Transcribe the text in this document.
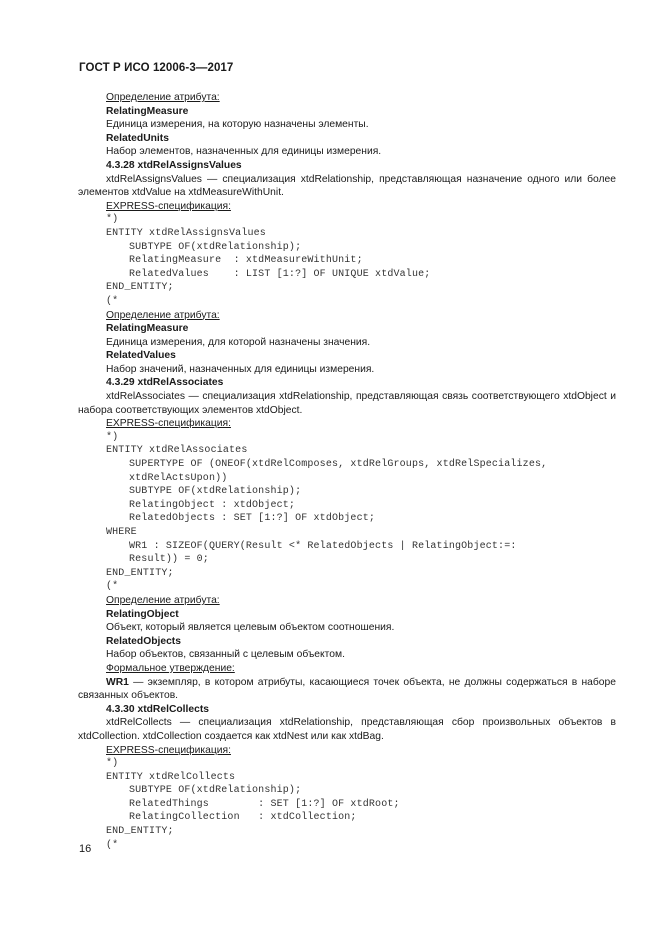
ГОСТ Р ИСО 12006-3—2017
Определение атрибута:
RelatingMeasure
Единица измерения, на которую назначены элементы.
RelatedUnits
Набор элементов, назначенных для единицы измерения.
4.3.28 xtdRelAssignsValues
xtdRelAssignsValues — специализация xtdRelationship, представляющая назначение одного или более элементов xtdValue на xtdMeasureWithUnit.
EXPRESS-спецификация:
*)
ENTITY xtdRelAssignsValues
SUBTYPE OF(xtdRelationship);
RelatingMeasure  : xtdMeasureWithUnit;
RelatedValues    : LIST [1:?] OF UNIQUE xtdValue;
END_ENTITY;
(*
Определение атрибута:
RelatingMeasure
Единица измерения, для которой назначены значения.
RelatedValues
Набор значений, назначенных для единицы измерения.
4.3.29 xtdRelAssociates
xtdRelAssociates — специализация xtdRelationship, представляющая связь соответствующего xtdObject и набора соответствующих элементов xtdObject.
EXPRESS-спецификация:
*)
ENTITY xtdRelAssociates
SUPERTYPE OF (ONEOF(xtdRelComposes, xtdRelGroups, xtdRelSpecializes,
xtdRelActsUpon))
SUBTYPE OF(xtdRelationship);
RelatingObject : xtdObject;
RelatedObjects : SET [1:?] OF xtdObject;
WHERE
WR1 : SIZEOF(QUERY(Result <* RelatedObjects | RelatingObject:=:
Result)) = 0;
END_ENTITY;
(*
Определение атрибута:
RelatingObject
Объект, который является целевым объектом соотношения.
RelatedObjects
Набор объектов, связанный с целевым объектом.
Формальное утверждение:
WR1 — экземпляр, в котором атрибуты, касающиеся точек объекта, не должны содержаться в наборе связанных объектов.
4.3.30 xtdRelCollects
xtdRelCollects — специализация xtdRelationship, представляющая сбор произвольных объектов в xtdCollection. xtdCollection создается как xtdNest или как xtdBag.
EXPRESS-спецификация:
*)
ENTITY xtdRelCollects
SUBTYPE OF(xtdRelationship);
RelatedThings        : SET [1:?] OF xtdRoot;
RelatingCollection   : xtdCollection;
END_ENTITY;
(*
16
